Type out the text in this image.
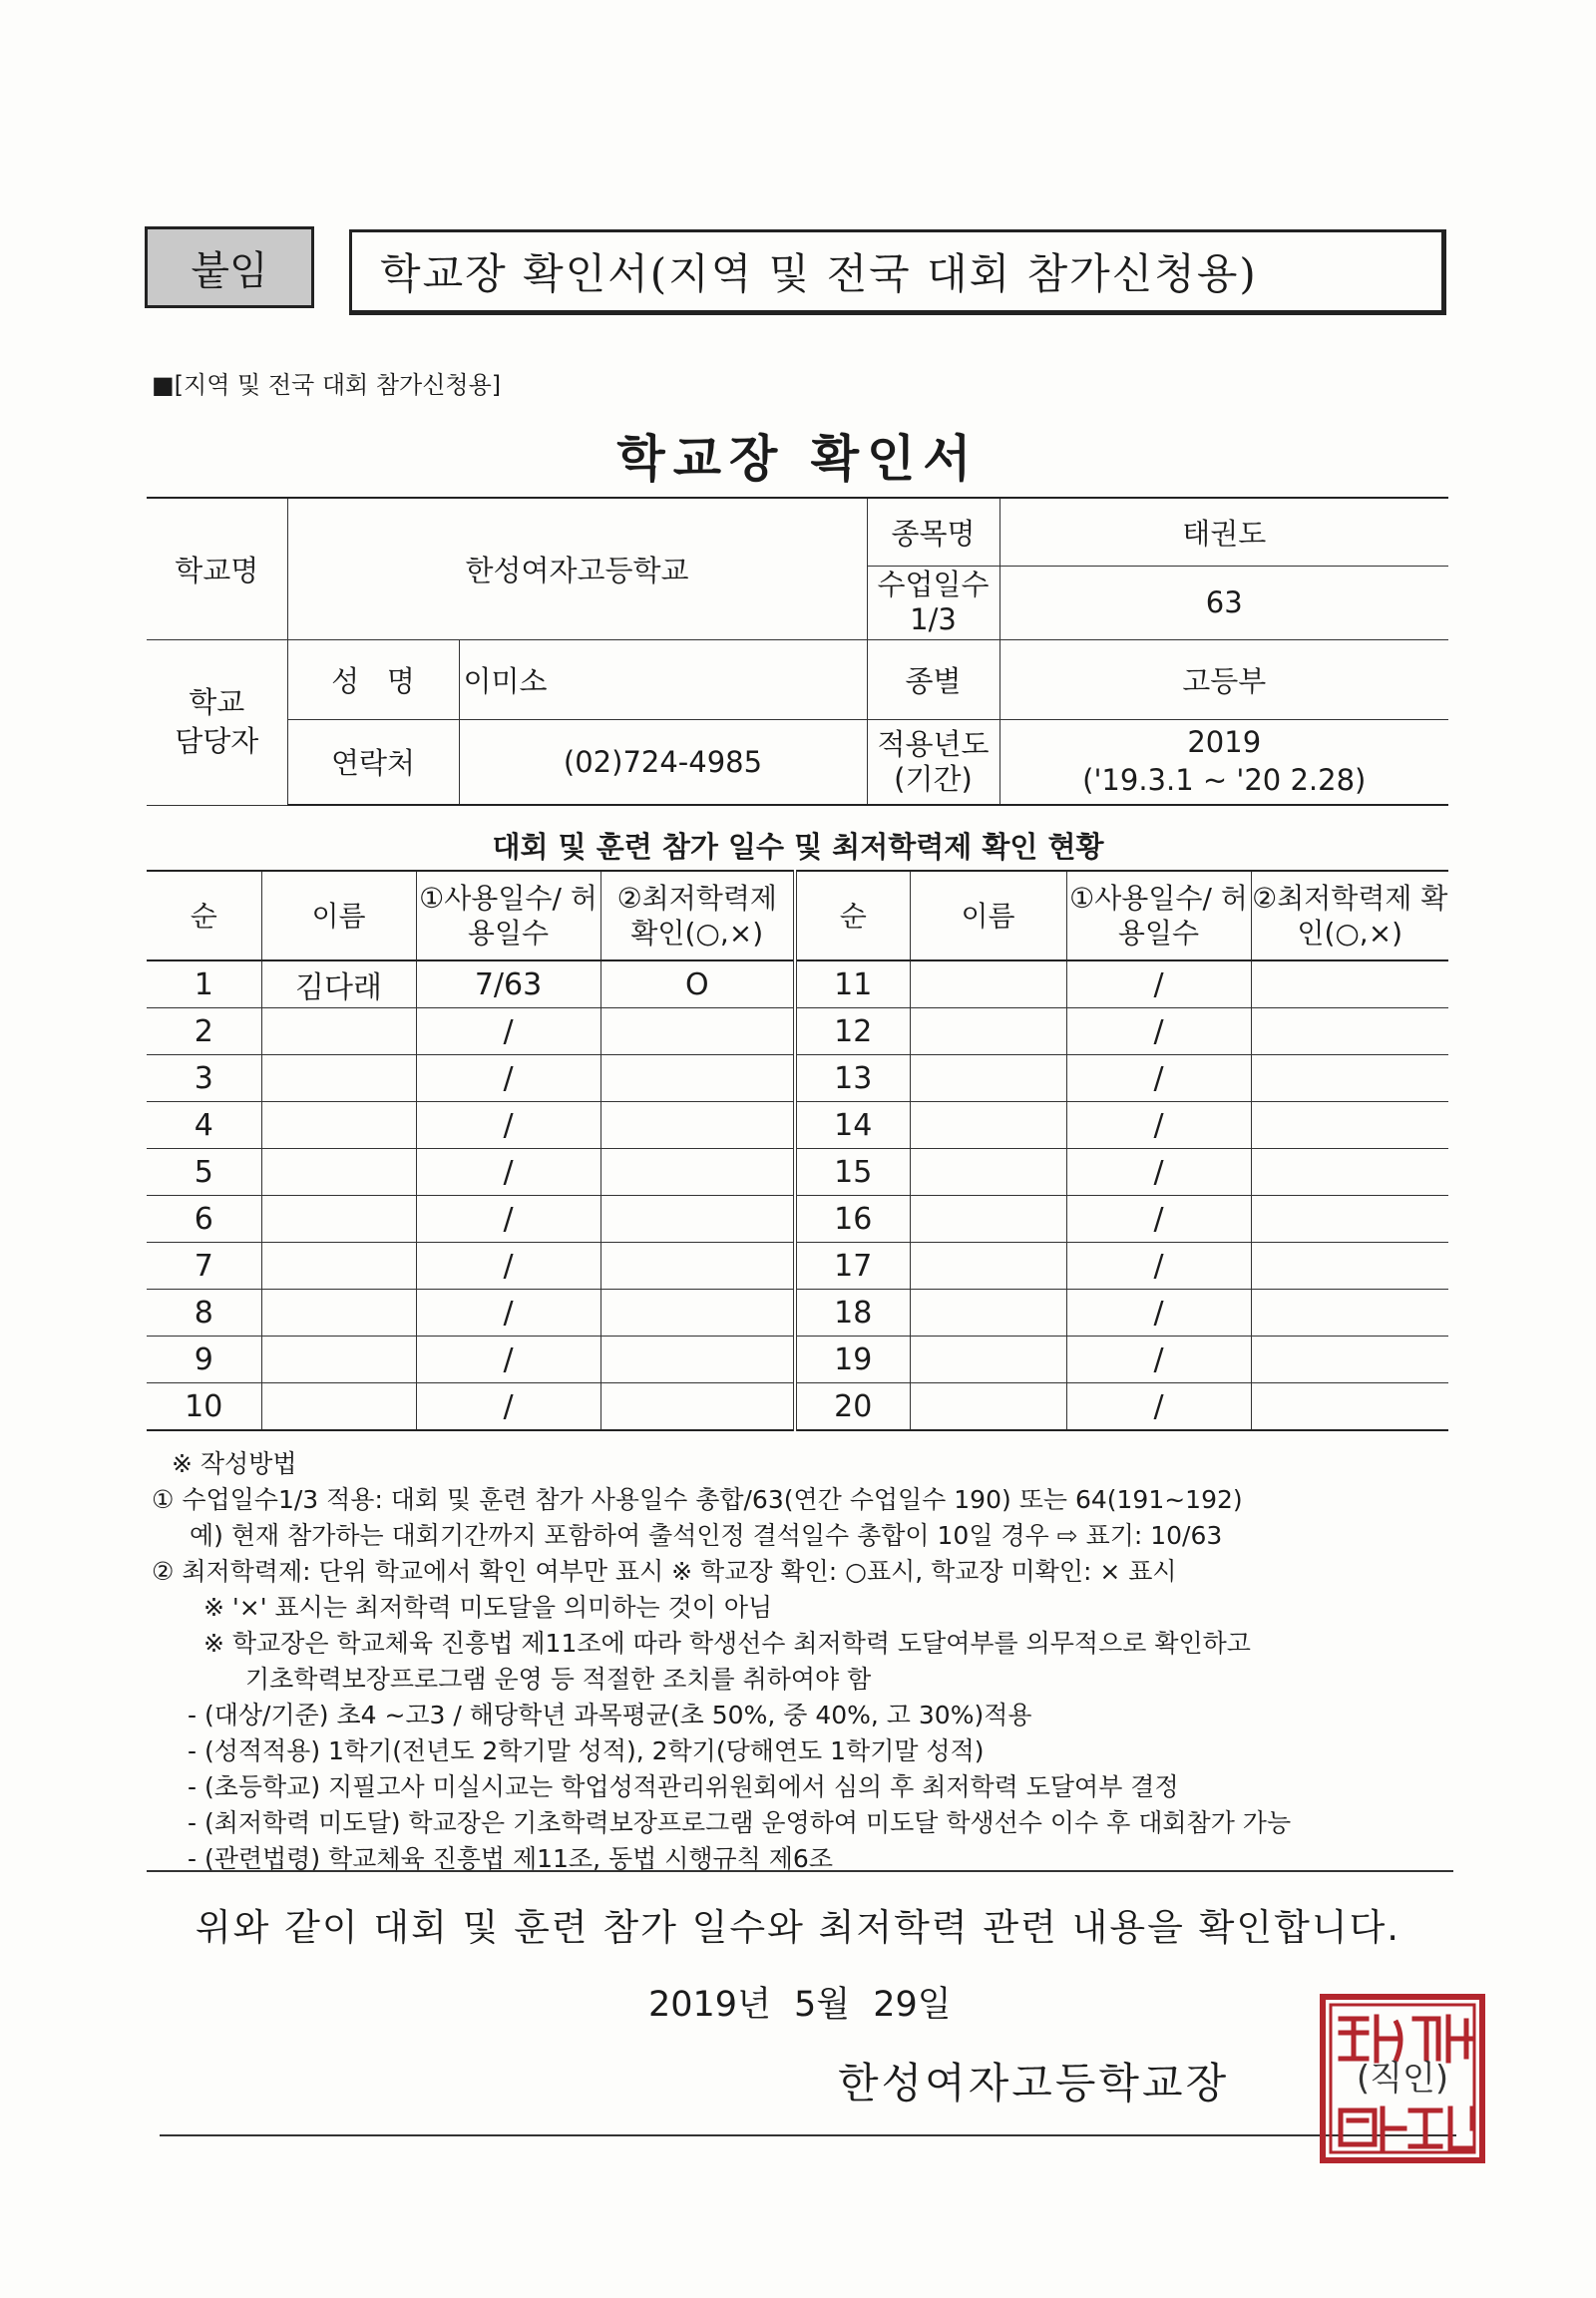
붙임	학교장 확인서(지역 및 전국 대회 참가신청용)
■[지역 및 전국 대회 참가신청용]
학교장 확인서
학교명	한성여자고등학교		종목명	태권도
			수업일수 1/3	63
학교 담당자	성   명	이미소	종별	고등부
	연락처	(02)724-4985	적용년도 (기간)	2019
('19.3.1 ~ '20 2.28)
대회 및 훈련 참가 일수 및 최저학력제 확인 현황
순	이름	①사용일수/ 허용일수	②최저학력제 확인(○,×)	순	이름	①사용일수/ 허용일수	②최저학력제 확인(○,×)
1	김다래	7/63	O	11		/	
2		/		12		/	
3		/		13		/	
4		/		14		/	
5		/		15		/	
6		/		16		/	
7		/		17		/	
8		/		18		/	
9		/		19		/	
10		/		20		/	
※ 작성방법
① 수업일수1/3 적용: 대회 및 훈련 참가 사용일수 총합/63(연간 수업일수 190) 또는 64(191~192)
예) 현재 참가하는 대회기간까지 포함하여 출석인정 결석일수 총합이 10일 경우 ⇨ 표기: 10/63
② 최저학력제: 단위 학교에서 확인 여부만 표시 ※ 학교장 확인: ○표시, 학교장 미확인: × 표시
※ '×' 표시는 최저학력 미도달을 의미하는 것이 아님
※ 학교장은 학교체육 진흥법 제11조에 따라 학생선수 최저학력 도달여부를 의무적으로 확인하고
기초학력보장프로그램 운영 등 적절한 조치를 취하여야 함
- (대상/기준) 초4 ~고3 / 해당학년 과목평균(초 50%, 중 40%, 고 30%)적용
- (성적적용) 1학기(전년도 2학기말 성적), 2학기(당해연도 1학기말 성적)
- (초등학교) 지필고사 미실시교는 학업성적관리위원회에서 심의 후 최저학력 도달여부 결정
- (최저학력 미도달) 학교장은 기초학력보장프로그램 운영하여 미도달 학생선수 이수 후 대회참가 가능
- (관련법령) 학교체육 진흥법 제11조, 동법 시행규칙 제6조
위와 같이 대회 및 훈련 참가 일수와 최저학력 관련 내용을 확인합니다.
2019년 5월 29일
한성여자고등학교장	(직인)
